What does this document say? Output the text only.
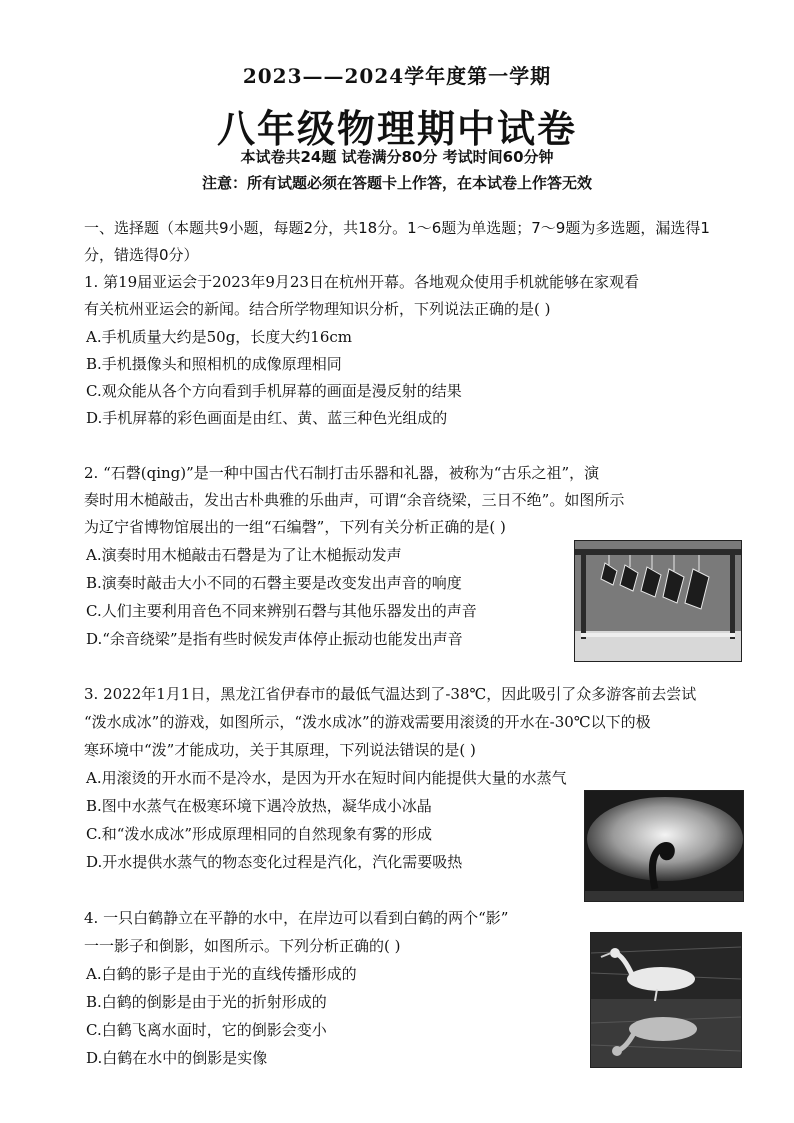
2023——2024学年度第一学期
八年级物理期中试卷
本试卷共24题 试卷满分80分 考试时间60分钟
注意：所有试题必须在答题卡上作答，在本试卷上作答无效
一、选择题（本题共9小题，每题2分，共18分。1～6题为单选题；7～9题为多选题，漏选得1
分，错选得0分）
1. 第19届亚运会于2023年9月23日在杭州开幕。各地观众使用手机就能够在家观看
有关杭州亚运会的新闻。结合所学物理知识分析，下列说法正确的是( )
A.手机质量大约是50g，长度大约16cm
B.手机摄像头和照相机的成像原理相同
C.观众能从各个方向看到手机屏幕的画面是漫反射的结果
D.手机屏幕的彩色画面是由红、黄、蓝三种色光组成的
2. “石磬(qing)”是一种中国古代石制打击乐器和礼器，被称为“古乐之祖”，演
奏时用木槌敲击，发出古朴典雅的乐曲声，可谓“余音绕梁，三日不绝”。如图所示
为辽宁省博物馆展出的一组“石编磬”，下列有关分析正确的是( )
A.演奏时用木槌敲击石磬是为了让木槌振动发声
B.演奏时敲击大小不同的石磬主要是改变发出声音的响度
C.人们主要利用音色不同来辨别石磬与其他乐器发出的声音
D.“余音绕梁”是指有些时候发声体停止振动也能发出声音
3. 2022年1月1日，黑龙江省伊春市的最低气温达到了-38℃，因此吸引了众多游客前去尝试
“泼水成冰”的游戏，如图所示，“泼水成冰”的游戏需要用滚烫的开水在-30℃以下的极
寒环境中“泼”才能成功，关于其原理，下列说法错误的是( )
A.用滚烫的开水而不是冷水，是因为开水在短时间内能提供大量的水蒸气
B.图中水蒸气在极寒环境下遇冷放热，凝华成小冰晶
C.和“泼水成冰”形成原理相同的自然现象有雾的形成
D.开水提供水蒸气的物态变化过程是汽化，汽化需要吸热
4. 一只白鹤静立在平静的水中，在岸边可以看到白鹤的两个“影”
一一影子和倒影，如图所示。下列分析正确的( )
A.白鹤的影子是由于光的直线传播形成的
B.白鹤的倒影是由于光的折射形成的
C.白鹤飞离水面时，它的倒影会变小
D.白鹤在水中的倒影是实像
